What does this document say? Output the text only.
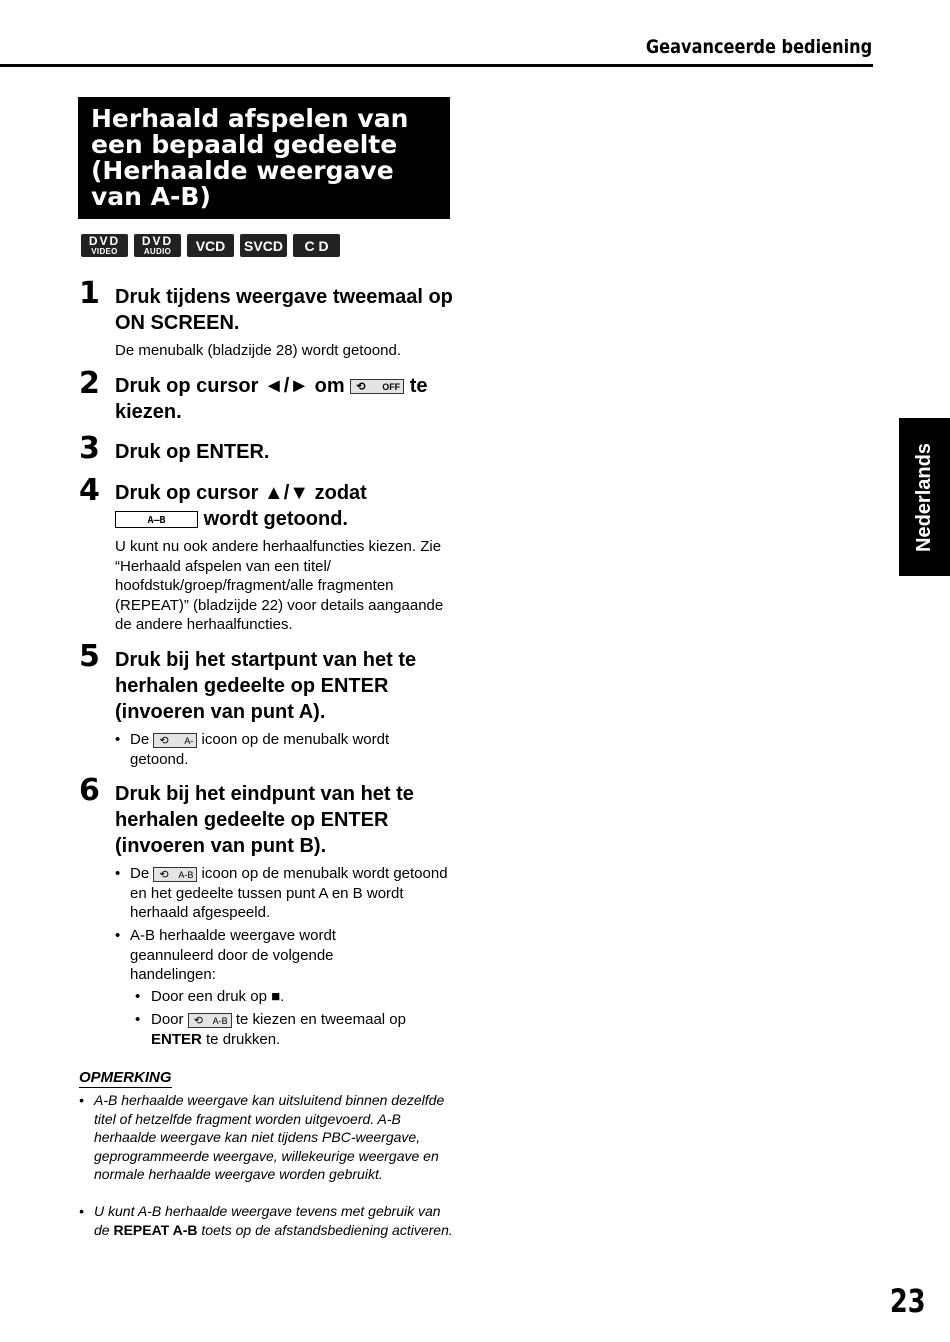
Geavanceerde bediening
Herhaald afspelen van een bepaald gedeelte (Herhaalde weergave van A-B)
DVD
VIDEO
DVD
AUDIO VCD SVCD C D
1 Druk tijdens weergave tweemaal op ON SCREEN.
De menubalk (bladzijde 28) wordt getoond.
2 Druk op cursor ◄/► om ⟲ OFF te kiezen.
3 Druk op ENTER.
4 Druk op cursor ▲/▼ zodat
A–B wordt getoond.
U kunt nu ook andere herhaalfuncties kiezen. Zie “Herhaald afspelen van een titel/ hoofdstuk/groep/fragment/alle fragmenten (REPEAT)” (bladzijde 22) voor details aangaande de andere herhaalfuncties.
5 Druk bij het startpunt van het te herhalen gedeelte op ENTER (invoeren van punt A).
• De ⟲ A- icoon op de menubalk wordt getoond.
6 Druk bij het eindpunt van het te herhalen gedeelte op ENTER (invoeren van punt B).
• De ⟲ A-B icoon op de menubalk wordt getoond en het gedeelte tussen punt A en B wordt herhaald afgespeeld.
• A-B herhaalde weergave wordt geannuleerd door de volgende handelingen:
• Door een druk op ■.
• Door ⟲ A-B te kiezen en tweemaal op
ENTER te drukken.
OPMERKING
• A-B herhaalde weergave kan uitsluitend binnen dezelfde titel of hetzelfde fragment worden uitgevoerd. A-B herhaalde weergave kan niet tijdens PBC-weergave, geprogrammeerde weergave, willekeurige weergave en normale herhaalde weergave worden gebruikt.
• U kunt A-B herhaalde weergave tevens met gebruik van de REPEAT A-B toets op de afstandsbediening activeren.
Nederlands
23
